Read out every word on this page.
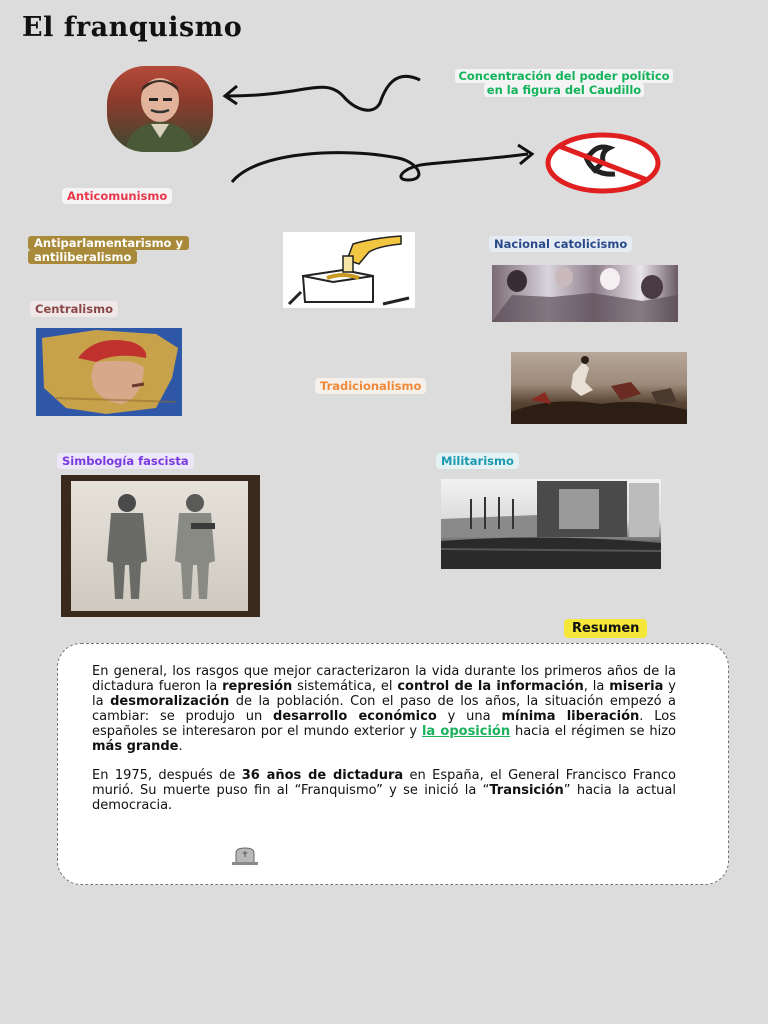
El franquismo
Concentración del poder político en la figura del Caudillo
Anticomunismo
Antiparlamentarismo y antiliberalismo
Nacional catolicismo
Centralismo
Tradicionalismo
Simbología fascista	Militarismo
Resumen

En general, los rasgos que mejor caracterizaron la vida durante los primeros años de la dictadura fueron la represión sistemática, el control de la información, la miseria y la desmoralización de la población. Con el paso de los años, la situación empezó a cambiar: se produjo un desarrollo económico y una mínima liberación. Los españoles se interesaron por el mundo exterior y la oposición hacia el régimen se hizo más grande.

En 1975, después de 36 años de dictadura en España, el General Francisco Franco murió. Su muerte puso fin al “Franquismo” y se inició la “Transición” hacia la actual democracia.
